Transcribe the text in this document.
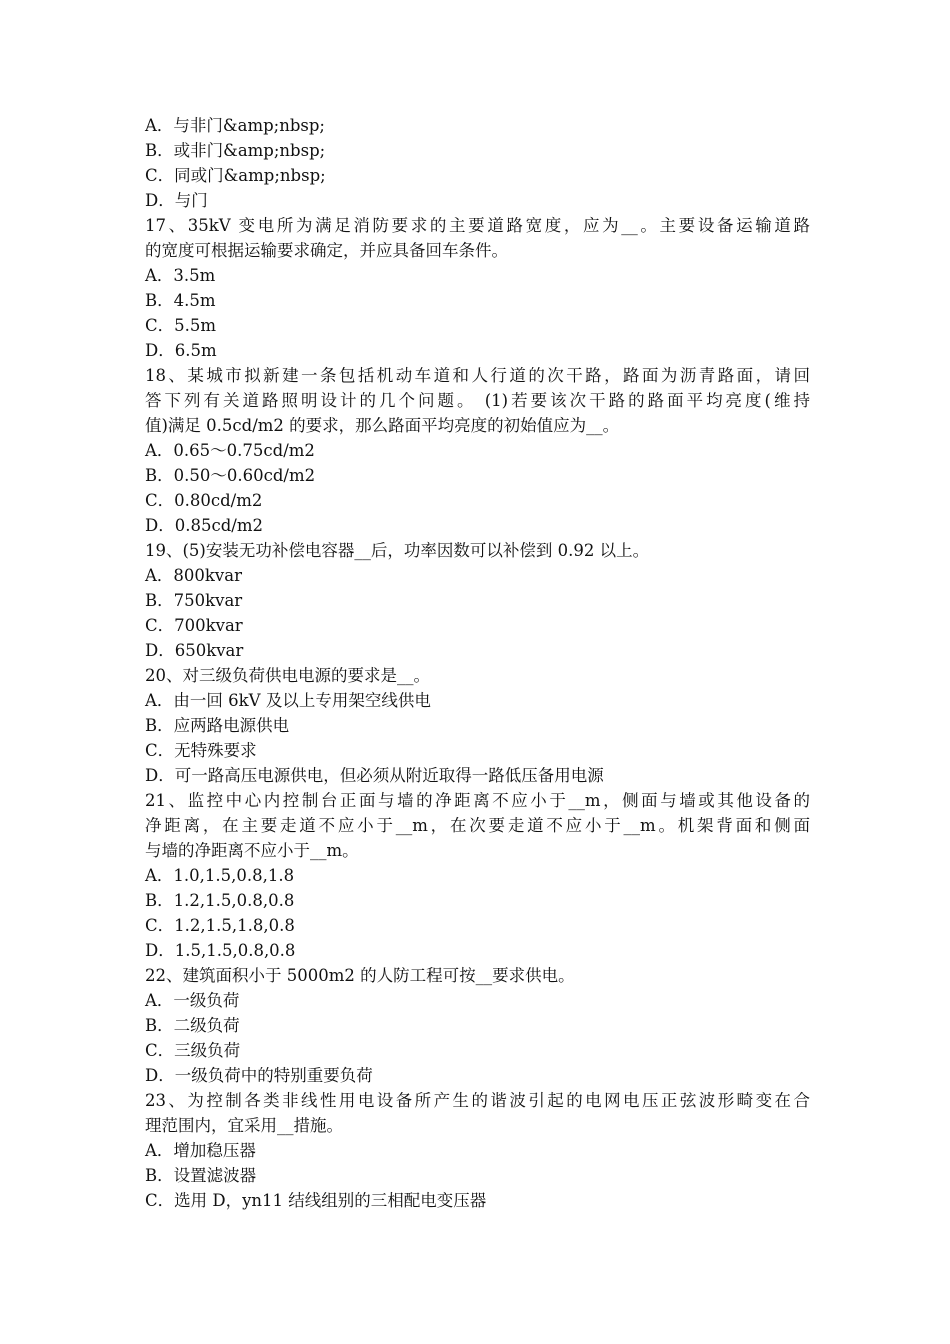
A．与非门&amp;nbsp;
B．或非门&amp;nbsp;
C．同或门&amp;nbsp;
D．与门
17、35kV 变电所为满足消防要求的主要道路宽度，应为__。主要设备运输道路
的宽度可根据运输要求确定，并应具备回车条件。
A．3.5m
B．4.5m
C．5.5m
D．6.5m
18、某城市拟新建一条包括机动车道和人行道的次干路，路面为沥青路面，请回
答下列有关道路照明设计的几个问题。 (1)若要该次干路的路面平均亮度(维持
值)满足 0.5cd/m2 的要求，那么路面平均亮度的初始值应为__。
A．0.65～0.75cd/m2
B．0.50～0.60cd/m2
C．0.80cd/m2
D．0.85cd/m2
19、(5)安装无功补偿电容器__后，功率因数可以补偿到 0.92 以上。
A．800kvar
B．750kvar
C．700kvar
D．650kvar
20、对三级负荷供电电源的要求是__。
A．由一回 6kV 及以上专用架空线供电
B．应两路电源供电
C．无特殊要求
D．可一路高压电源供电，但必须从附近取得一路低压备用电源
21、监控中心内控制台正面与墙的净距离不应小于__m，侧面与墙或其他设备的
净距离，在主要走道不应小于__m，在次要走道不应小于__m。机架背面和侧面
与墙的净距离不应小于__m。
A．1.0,1.5,0.8,1.8
B．1.2,1.5,0.8,0.8
C．1.2,1.5,1.8,0.8
D．1.5,1.5,0.8,0.8
22、建筑面积小于 5000m2 的人防工程可按__要求供电。
A．一级负荷
B．二级负荷
C．三级负荷
D．一级负荷中的特别重要负荷
23、为控制各类非线性用电设备所产生的谐波引起的电网电压正弦波形畸变在合
理范围内，宜采用__措施。
A．增加稳压器
B．设置滤波器
C．选用 D，yn11 结线组别的三相配电变压器
